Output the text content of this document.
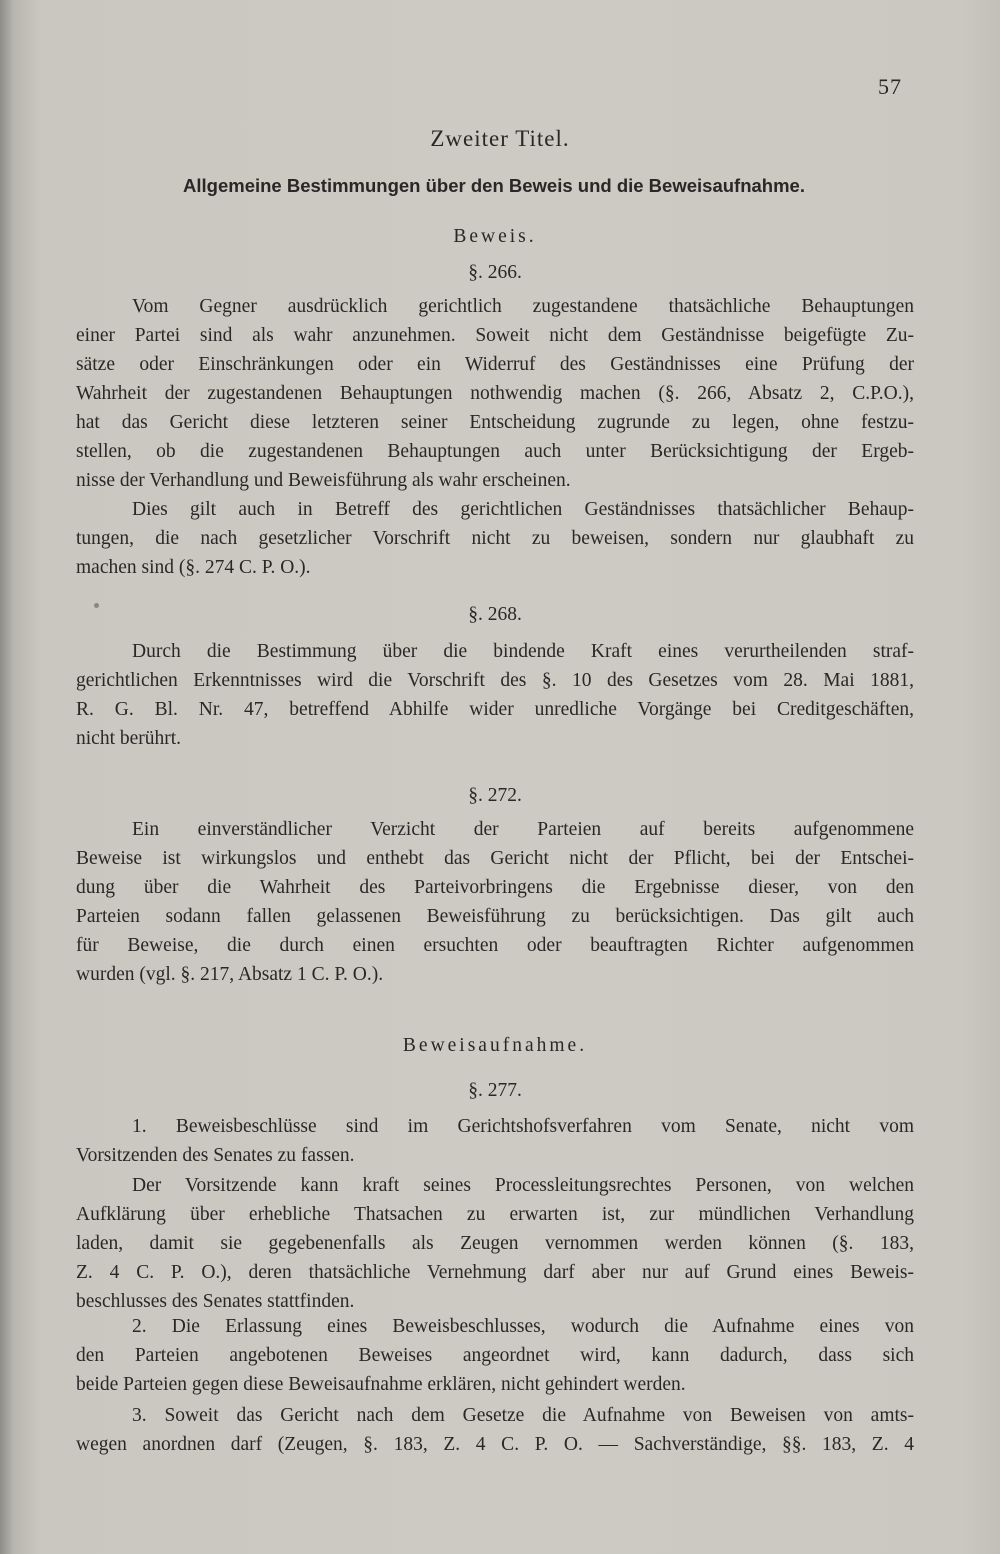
57
Zweiter Titel.
Allgemeine Bestimmungen über den Beweis und die Beweisaufnahme.
Beweis.
§. 266.
Vom Gegner ausdrücklich gerichtlich zugestandene thatsächliche Behauptungen
einer Partei sind als wahr anzunehmen. Soweit nicht dem Geständnisse beigefügte Zu-
sätze oder Einschränkungen oder ein Widerruf des Geständnisses eine Prüfung der
Wahrheit der zugestandenen Behauptungen nothwendig machen (§. 266, Absatz 2, C.P.O.),
hat das Gericht diese letzteren seiner Entscheidung zugrunde zu legen, ohne festzu-
stellen, ob die zugestandenen Behauptungen auch unter Berücksichtigung der Ergeb-
nisse der Verhandlung und Beweisführung als wahr erscheinen.
Dies gilt auch in Betreff des gerichtlichen Geständnisses thatsächlicher Behaup-
tungen, die nach gesetzlicher Vorschrift nicht zu beweisen, sondern nur glaubhaft zu
machen sind (§. 274 C. P. O.).
§. 268.
Durch die Bestimmung über die bindende Kraft eines verurtheilenden straf-
gerichtlichen Erkenntnisses wird die Vorschrift des §. 10 des Gesetzes vom 28. Mai 1881,
R. G. Bl. Nr. 47, betreffend Abhilfe wider unredliche Vorgänge bei Creditgeschäften,
nicht berührt.
§. 272.
Ein einverständlicher Verzicht der Parteien auf bereits aufgenommene
Beweise ist wirkungslos und enthebt das Gericht nicht der Pflicht, bei der Entschei-
dung über die Wahrheit des Parteivorbringens die Ergebnisse dieser, von den
Parteien sodann fallen gelassenen Beweisführung zu berücksichtigen. Das gilt auch
für Beweise, die durch einen ersuchten oder beauftragten Richter aufgenommen
wurden (vgl. §. 217, Absatz 1 C. P. O.).
Beweisaufnahme.
§. 277.
1. Beweisbeschlüsse sind im Gerichtshofsverfahren vom Senate, nicht vom
Vorsitzenden des Senates zu fassen.
Der Vorsitzende kann kraft seines Processleitungsrechtes Personen, von welchen
Aufklärung über erhebliche Thatsachen zu erwarten ist, zur mündlichen Verhandlung
laden, damit sie gegebenenfalls als Zeugen vernommen werden können (§. 183,
Z. 4 C. P. O.), deren thatsächliche Vernehmung darf aber nur auf Grund eines Beweis-
beschlusses des Senates stattfinden.
2. Die Erlassung eines Beweisbeschlusses, wodurch die Aufnahme eines von
den Parteien angebotenen Beweises angeordnet wird, kann dadurch, dass sich
beide Parteien gegen diese Beweisaufnahme erklären, nicht gehindert werden.
3. Soweit das Gericht nach dem Gesetze die Aufnahme von Beweisen von amts-
wegen anordnen darf (Zeugen, §. 183, Z. 4 C. P. O. — Sachverständige, §§. 183, Z. 4
